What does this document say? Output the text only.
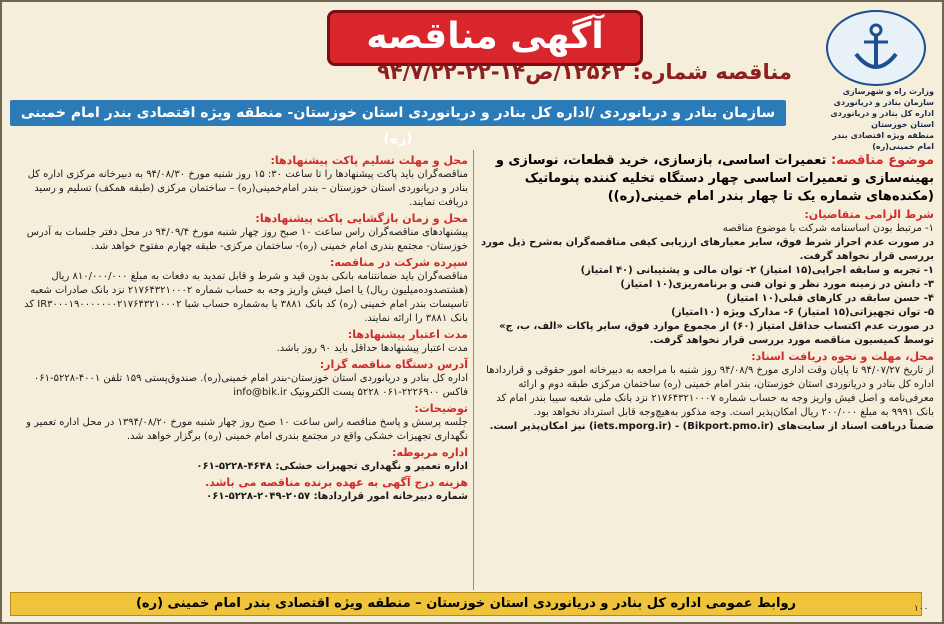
آگهی مناقصه
وزارت راه و شهرسازی
سازمان بنادر و دریانوردی
اداره کل بنادر و دریانوردی استان خوزستان
منطقه ویژه اقتصادی بندر امام خمینی(ره)
مناقصه شماره: ۱۲۵۶۲/ص۱۴-۲۲-۹۴/۷/۲۲
سازمان بنادر و دریانوردی /اداره کل بنادر و دریانوردی استان خوزستان- منطقه ویژه اقتصادی بندر امام خمینی (ره)
موضوع مناقصه: تعمیرات اساسی، بازسازی، خرید قطعات، نوسازی و بهینه‌سازی و تعمیرات اساسی چهار دستگاه تخلیه کننده پنوماتیک (مکنده‌های شماره یک تا چهار بندر امام خمینی(ره))
شرط الزامی متقاضیان:
۱- مرتبط بودن اساسنامه شرکت با موضوع مناقصه
در صورت عدم احراز شرط فوق، سایر معیارهای ارزیابی کیفی مناقصه‌گران به‌شرح ذیل مورد بررسی قرار نخواهد گرفت.
۱- تجربه و سابقه اجرایی(۱۵ امتیاز) ۲- توان مالی و پشتیبانی (۴۰ امتیاز)
۳- دانش در زمینه مورد نظر و توان فنی و برنامه‌ریزی(۱۰ امتیاز)
۴- حسن سابقه در کارهای قبلی(۱۰ امتیاز)
۵- توان تجهیزاتی(۱۵ امتیاز) ۶- مدارک ویژه (۱۰امتیاز)
در صورت عدم اکتساب حداقل امتیاز (۶۰) از مجموع موارد فوق، سایر پاکات «الف، ب، ج» توسط کمیسیون مناقصه مورد بررسی قرار نخواهد گرفت.
محل، مهلت و نحوه دریافت اسناد:
از تاریخ ۹۴/۰۷/۲۷ تا پایان وقت اداری مورخ ۹۴/۰۸/۹ روز شنبه با مراجعه به دبیرخانه امور حقوقی و قراردادها اداره کل بنادر و دریانوردی استان خوزستان، بندر امام خمینی (ره) ساختمان مرکزی طبقه دوم و ارائه معرفی‌نامه و اصل فیش واریز وجه به حساب شماره ۲۱۷۶۴۳۲۱۰۰۰۷ نزد بانک ملی شعبه سیبا بندر امام کد بانک ۹۹۹۱ به مبلغ ۲۰۰/۰۰۰ ریال امکان‌پذیر است. وجه مذکور به‌هیچ‌وجه قابل استرداد نخواهد بود.
ضمناً دریافت اسناد از سایت‌های (Bikport.pmo.ir) - (iets.mporg.ir) نیز امکان‌پذیر است.
محل و مهلت تسلیم پاکت پیشنهادها:
مناقصه‌گران باید پاکت پیشنهادها را تا ساعت ۳۰: ۱۵ روز شنبه مورخ ۹۴/۰۸/۳۰ به دبیرخانه مرکزی اداره کل بنادر و دریانوردی استان خوزستان – بندر امام‌خمینی(ره) – ساختمان مرکزی (طبقه همکف) تسلیم و رسید دریافت نمایند.
محل و زمان بازگشایی پاکت پیشنهادها:
پیشنهادهای مناقصه‌گران راس ساعت ۱۰ صبح روز چهار شنبه مورخ ۹۴/۰۹/۴ در محل دفتر جلسات به آدرس خوزستان- مجتمع بندری امام خمینی (ره)- ساختمان مرکزی- طبقه چهارم مفتوح خواهد شد.
سپرده شرکت در مناقصه:
مناقصه‌گران باید ضمانتنامه بانکی بدون قید و شرط و قابل تمدید به دفعات به مبلغ ۸۱۰/۰۰۰/۰۰۰ ریال (هشتصدوده‌میلیون ریال) یا اصل فیش واریز وجه به حساب شماره ۲۱۷۶۴۳۲۱۰۰۰۲ نزد بانک صادرات شعبه تاسیسات بندر امام خمینی (ره) کد بانک ۳۸۸۱ یا به‌شماره حساب شبا IR۳۰۰۰۱۹۰۰۰۰۰۰۰۲۱۷۶۴۳۲۱۰۰۰۲ کد بانک ۳۸۸۱ را ارائه نمایند.
مدت اعتبار پیشنهادها:
مدت اعتبار پیشنهادها حداقل باید ۹۰ روز باشد.
آدرس دستگاه مناقصه گزار:
اداره کل بنادر و دریانوردی استان خوزستان-بندر امام خمینی(ره). صندوق‌پستی ۱۵۹ تلفن ۴۰۰۱-۵۲۲۸-۰۶۱ فاکس ۲۲۲۶۹۰۰-۰۶۱ ۵۲۲۸ پست الکترونیک info@bik.ir
توضیحات:
جلسه پرسش و پاسخ مناقصه راس ساعت ۱۰ صبح روز چهار شنبه مورخ ۱۳۹۴/۰۸/۲۰ در محل اداره تعمیر و نگهداری تجهیزات خشکی واقع در مجتمع بندری امام خمینی (ره) برگزار خواهد شد.
اداره مربوطه:
اداره تعمیر و نگهداری تجهیزات خشکی: ۴۶۴۸-۵۲۲۸-۰۶۱
هزینه درج آگهی به عهده برنده مناقصه می باشد.
شماره دبیرخانه امور قراردادها: ۲۰۵۷-۲۰۴۹-۵۲۲۸-۰۶۱
روابط عمومی اداره کل بنادر و دریانوردی استان خوزستان – منطقه ویژه اقتصادی بندر امام خمینی (ره)	۱۰۰
